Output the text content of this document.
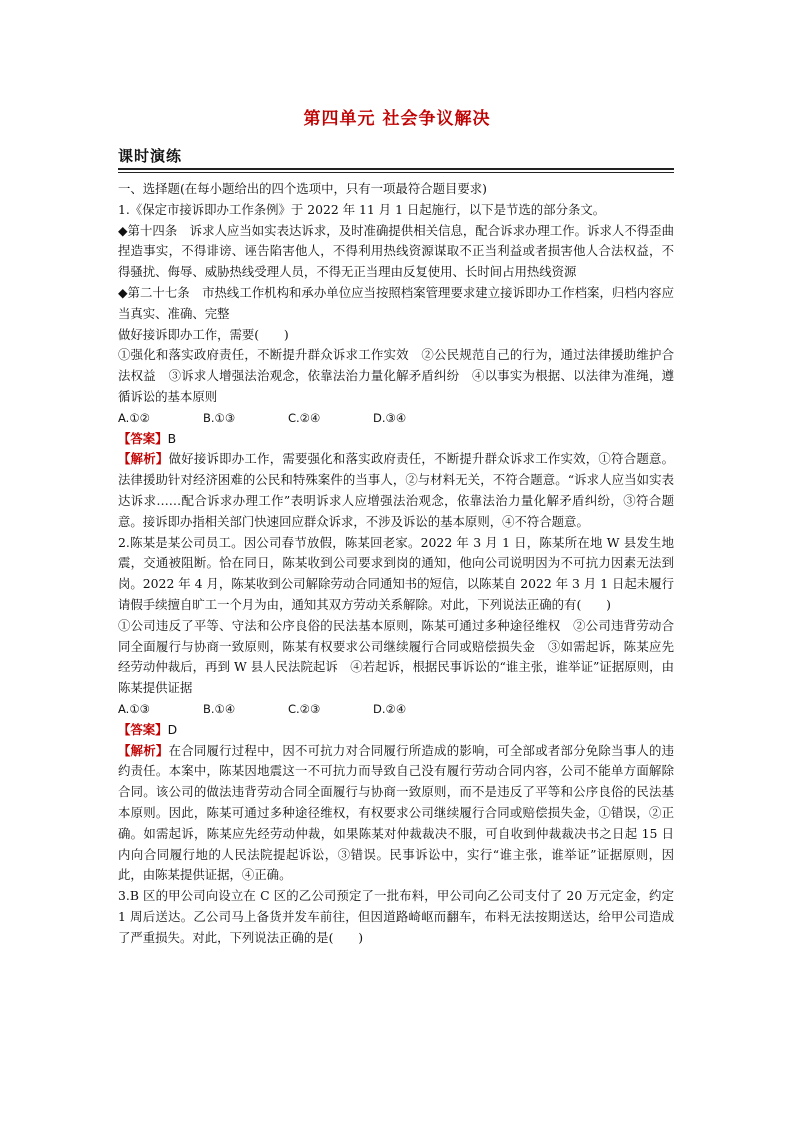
第四单元 社会争议解决
课时演练

一、选择题(在每小题给出的四个选项中，只有一项最符合题目要求)

1.《保定市接诉即办工作条例》于 2022 年 11 月 1 日起施行，以下是节选的部分条文。

◆第十四条　诉求人应当如实表达诉求，及时准确提供相关信息，配合诉求办理工作。诉求人不得歪曲捏造事实，不得诽谤、诬告陷害他人，不得利用热线资源谋取不正当利益或者损害他人合法权益，不得骚扰、侮辱、威胁热线受理人员，不得无正当理由反复使用、长时间占用热线资源

◆第二十七条　市热线工作机构和承办单位应当按照档案管理要求建立接诉即办工作档案，归档内容应当真实、准确、完整

做好接诉即办工作，需要(　　)

①强化和落实政府责任，不断提升群众诉求工作实效　②公民规范自己的行为，通过法律援助维护合法权益　③诉求人增强法治观念，依靠法治力量化解矛盾纠纷　④以事实为根据、以法律为准绳，遵循诉讼的基本原则

A.①②	B.①③	C.②④	D.③④

【答案】B

【解析】做好接诉即办工作，需要强化和落实政府责任，不断提升群众诉求工作实效，①符合题意。法律援助针对经济困难的公民和特殊案件的当事人，②与材料无关，不符合题意。“诉求人应当如实表达诉求……配合诉求办理工作”表明诉求人应增强法治观念，依靠法治力量化解矛盾纠纷，③符合题意。接诉即办指相关部门快速回应群众诉求，不涉及诉讼的基本原则，④不符合题意。

2.陈某是某公司员工。因公司春节放假，陈某回老家。2022 年 3 月 1 日，陈某所在地 W 县发生地震，交通被阻断。恰在同日，陈某收到公司要求到岗的通知，他向公司说明因为不可抗力因素无法到岗。2022 年 4 月，陈某收到公司解除劳动合同通知书的短信，以陈某自 2022 年 3 月 1 日起未履行请假手续擅自旷工一个月为由，通知其双方劳动关系解除。对此，下列说法正确的有(　　)

①公司违反了平等、守法和公序良俗的民法基本原则，陈某可通过多种途径维权　②公司违背劳动合同全面履行与协商一致原则，陈某有权要求公司继续履行合同或赔偿损失金　③如需起诉，陈某应先经劳动仲裁后，再到 W 县人民法院起诉　④若起诉，根据民事诉讼的“谁主张，谁举证”证据原则，由陈某提供证据

A.①③	B.①④	C.②③	D.②④

【答案】D

【解析】在合同履行过程中，因不可抗力对合同履行所造成的影响，可全部或者部分免除当事人的违约责任。本案中，陈某因地震这一不可抗力而导致自己没有履行劳动合同内容，公司不能单方面解除合同。该公司的做法违背劳动合同全面履行与协商一致原则，而不是违反了平等和公序良俗的民法基本原则。因此，陈某可通过多种途径维权，有权要求公司继续履行合同或赔偿损失金，①错误，②正确。如需起诉，陈某应先经劳动仲裁，如果陈某对仲裁裁决不服，可自收到仲裁裁决书之日起 15 日内向合同履行地的人民法院提起诉讼，③错误。民事诉讼中，实行“谁主张，谁举证”证据原则，因此，由陈某提供证据，④正确。

3.B 区的甲公司向设立在 C 区的乙公司预定了一批布料，甲公司向乙公司支付了 20 万元定金，约定 1 周后送达。乙公司马上备货并发车前往，但因道路崎岖而翻车，布料无法按期送达，给甲公司造成了严重损失。对此，下列说法正确的是(　　)
